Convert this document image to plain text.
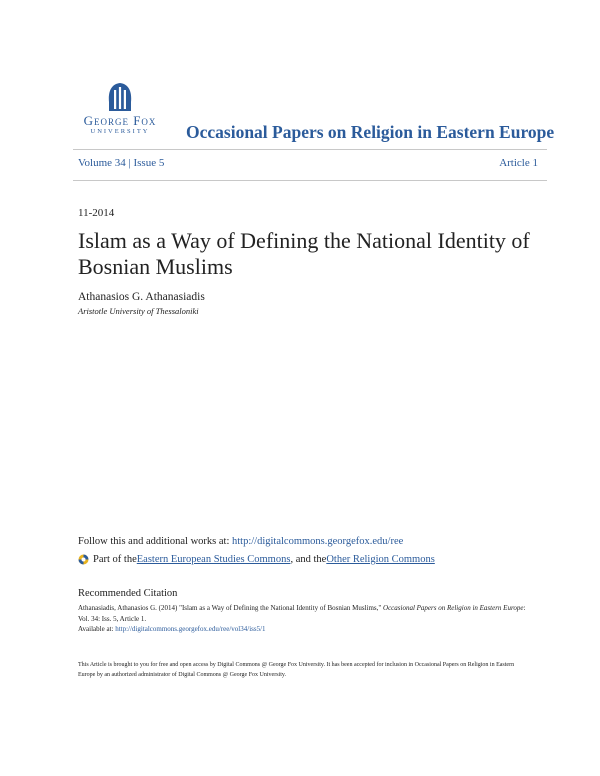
George Fox
UNIVERSITY	Occasional Papers on Religion in Eastern Europe
Volume 34 | Issue 5	Article 1
11-2014
Islam as a Way of Defining the National Identity of Bosnian Muslims
Athanasios G. Athanasiadis
Aristotle University of Thessaloniki
Follow this and additional works at: http://digitalcommons.georgefox.edu/ree
Part of the Eastern European Studies Commons , and the Other Religion Commons
Recommended Citation
Athanasiadis, Athanasios G. (2014) "Islam as a Way of Defining the National Identity of Bosnian Muslims," Occasional Papers on Religion in Eastern Europe: Vol. 34: Iss. 5, Article 1.
Available at: http://digitalcommons.georgefox.edu/ree/vol34/iss5/1
This Article is brought to you for free and open access by Digital Commons @ George Fox University. It has been accepted for inclusion in Occasional Papers on Religion in Eastern Europe by an authorized administrator of Digital Commons @ George Fox University.
